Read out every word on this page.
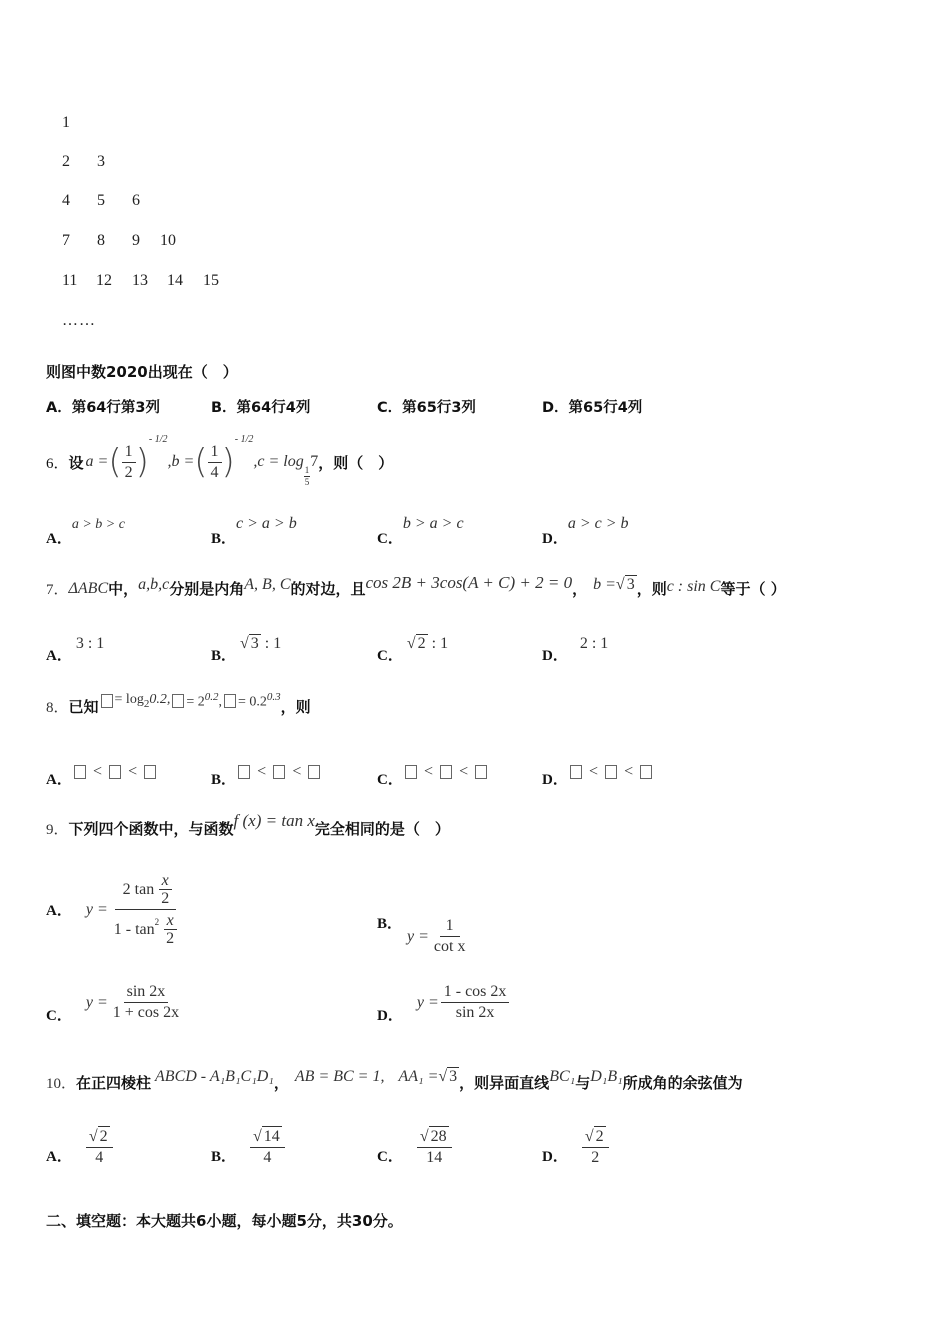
1
2 3
4 5 6
7 8 9 10
11 12 13 14 15
……
则图中数2020出现在（　）
A．第64行第3列	B．第64行4列	C．第65行3列	D．第65行4列
6． 设 a = ( $\frac{1}{2}$ )
- 1/2
,b = ( $\frac{1}{4}$ )
- 1/2
,c = log
$\frac{1}{5}$
7 ，则（　）
A．a > b > c
B．c > a > b
C．b > a > c
D．a > c > b
7． ΔABC 中， a,b,c 分别是内角 A, B, C 的对边，且 cos 2B + 3cos(A + C) + 2 = 0 ， b = √ 3 ，则 c : sin C 等于（ ）
A．3 : 1
B．√ 3 : 1
C．√ 2 : 1
D．2 : 1
8． 已知 = $\log_20.2$, = $2^{0.2}$, = $0.2^{0.3}$
，则
A． < <	B． < <	C． < <	D． < <
9． 下列四个函数中，与函数 f (x) = tan x 完全相同的是（　）
A． $y = \frac{2 \tan \frac{x}{2}}{1 - \tan 2 \frac{x}{2}}$	B．
$y = \frac{1}{\text{cot x}}$
C．
$y = \frac{\sin 2x}{1 + \cos 2x}$	D．
$y = \frac{1 - \cos 2x}{\sin 2x}$
10． 在正四棱柱 ABCD - A₁B₁C₁D₁ ， AB = BC = 1, AA₁ = √ 3 ，则异面直线 BC₁ 与 D₁B₁ 所成角的余弦值为
A． $\frac{√ 2}{4}$	B． $\frac{√ 14}{4}$	C． $\frac{√ 28}{14}$	D． $\frac{√ 2}{2}$
二、填空题：本大题共6小题，每小题5分，共30分。
